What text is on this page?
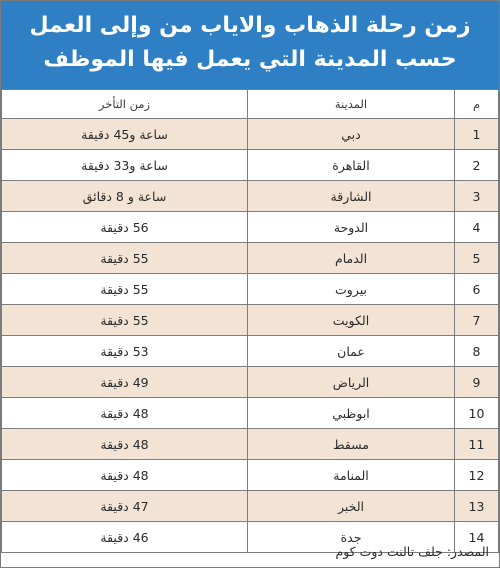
زمن رحلة الذهاب والاياب من وإلى العمل
حسب المدينة التي يعمل فيها الموظف
م	المدينة	زمن التأخر
1	دبي	ساعة و45 دقيقة
2	القاهرة	ساعة و33 دقيقة
3	الشارقة	ساعة و 8 دقائق
4	الدوحة	56 دقيقة
5	الدمام	55 دقيقة
6	بيروت	55 دقيقة
7	الكويت	55 دقيقة
8	عمان	53 دقيقة
9	الرياض	49 دقيقة
10	ابوظبي	48 دقيقة
11	مسقط	48 دقيقة
12	المنامة	48 دقيقة
13	الخبر	47 دقيقة
14	جدة	46 دقيقة
المصدر: جلف تالنت دوت كوم
